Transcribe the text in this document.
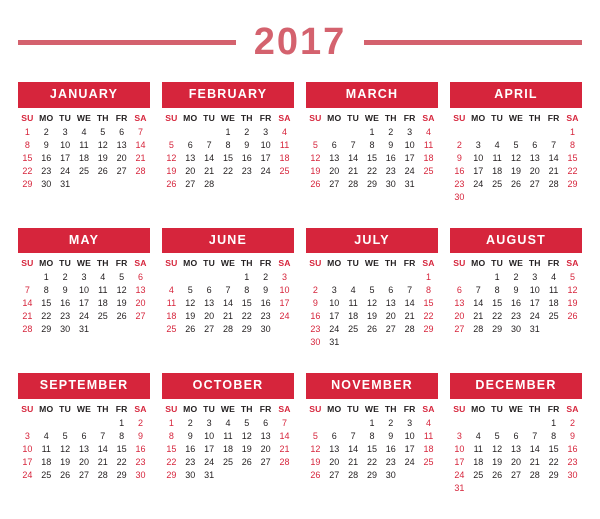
2017
JANUARY
SU	MO	TU	WE	TH	FR	SA
1	2	3	4	5	6	7
8	9	10	11	12	13	14
15	16	17	18	19	20	21
22	23	24	25	26	27	28
29	30	31				
FEBRUARY
SU	MO	TU	WE	TH	FR	SA
			1	2	3	4
5	6	7	8	9	10	11
12	13	14	15	16	17	18
19	20	21	22	23	24	25
26	27	28				
MARCH
SU	MO	TU	WE	TH	FR	SA
			1	2	3	4
5	6	7	8	9	10	11
12	13	14	15	16	17	18
19	20	21	22	23	24	25
26	27	28	29	30	31	
APRIL
SU	MO	TU	WE	TH	FR	SA
						1
2	3	4	5	6	7	8
9	10	11	12	13	14	15
16	17	18	19	20	21	22
23	24	25	26	27	28	29
30						
MAY
SU	MO	TU	WE	TH	FR	SA
	1	2	3	4	5	6
7	8	9	10	11	12	13
14	15	16	17	18	19	20
21	22	23	24	25	26	27
28	29	30	31			
JUNE
SU	MO	TU	WE	TH	FR	SA
				1	2	3
4	5	6	7	8	9	10
11	12	13	14	15	16	17
18	19	20	21	22	23	24
25	26	27	28	29	30	
JULY
SU	MO	TU	WE	TH	FR	SA
						1
2	3	4	5	6	7	8
9	10	11	12	13	14	15
16	17	18	19	20	21	22
23	24	25	26	27	28	29
30	31					
AUGUST
SU	MO	TU	WE	TH	FR	SA
		1	2	3	4	5
6	7	8	9	10	11	12
13	14	15	16	17	18	19
20	21	22	23	24	25	26
27	28	29	30	31		
SEPTEMBER
SU	MO	TU	WE	TH	FR	SA
					1	2
3	4	5	6	7	8	9
10	11	12	13	14	15	16
17	18	19	20	21	22	23
24	25	26	27	28	29	30
OCTOBER
SU	MO	TU	WE	TH	FR	SA
1	2	3	4	5	6	7
8	9	10	11	12	13	14
15	16	17	18	19	20	21
22	23	24	25	26	27	28
29	30	31				
NOVEMBER
SU	MO	TU	WE	TH	FR	SA
			1	2	3	4
5	6	7	8	9	10	11
12	13	14	15	16	17	18
19	20	21	22	23	24	25
26	27	28	29	30		
DECEMBER
SU	MO	TU	WE	TH	FR	SA
					1	2
3	4	5	6	7	8	9
10	11	12	13	14	15	16
17	18	19	20	21	22	23
24	25	26	27	28	29	30
31						
